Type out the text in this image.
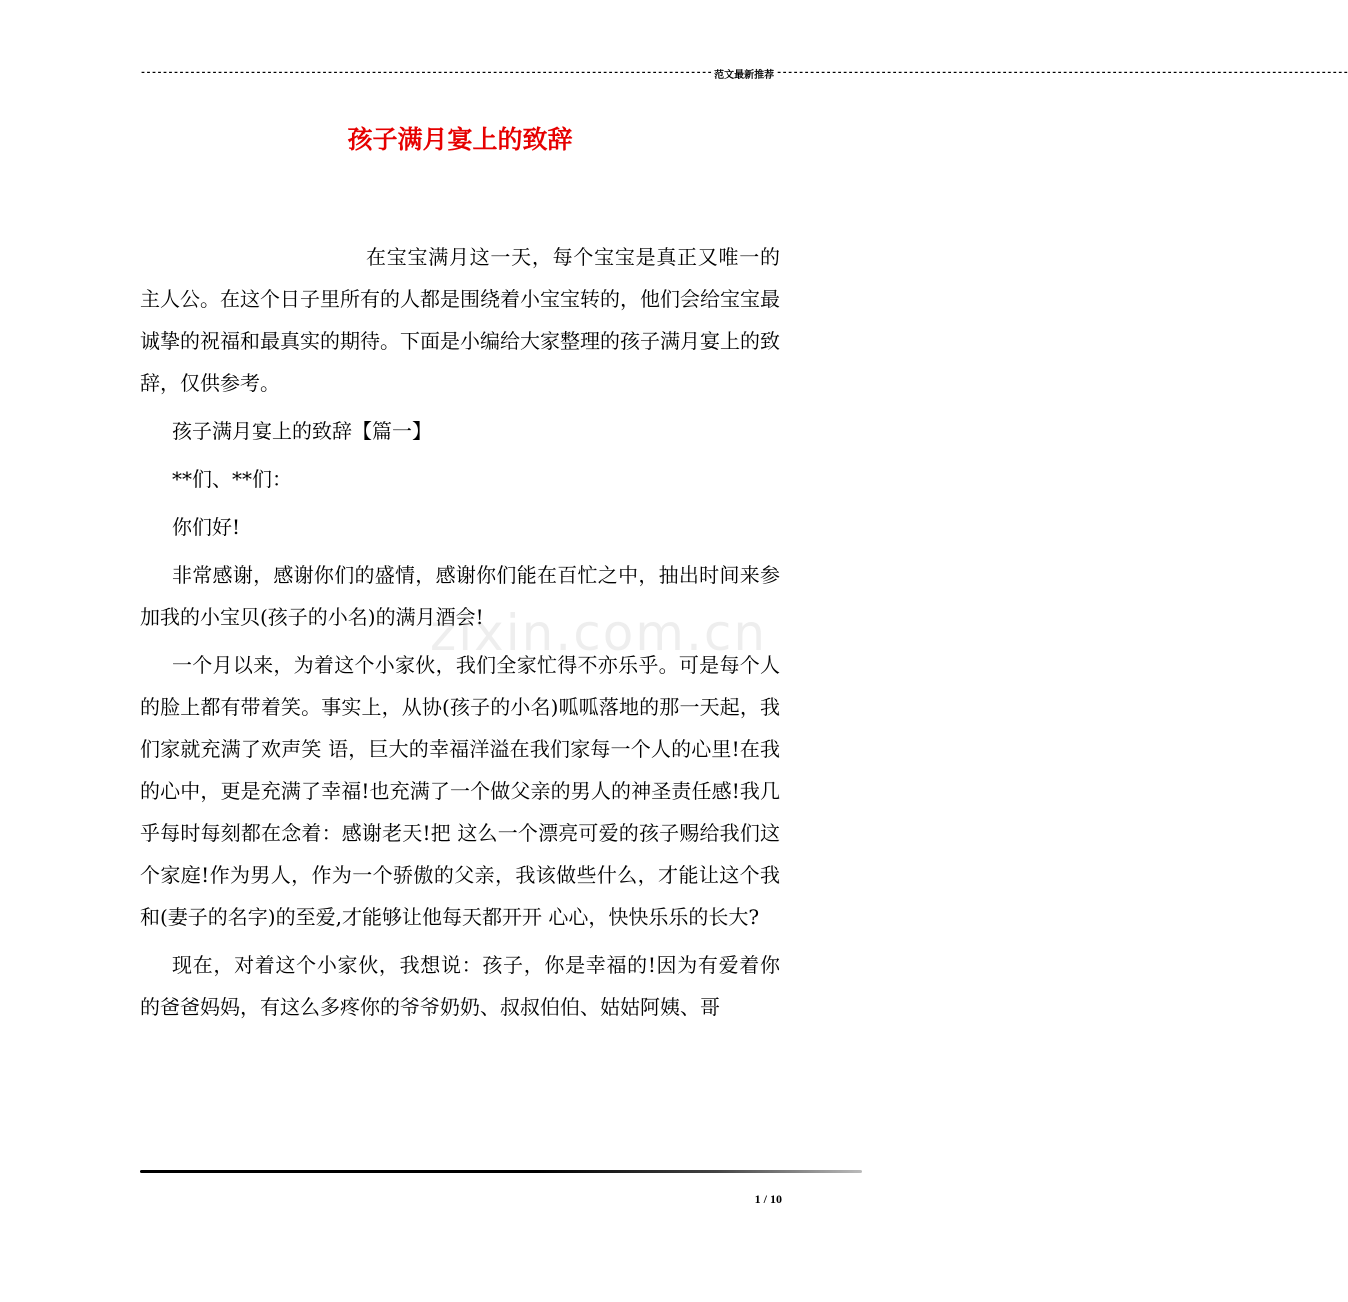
-------------------------------------------------------------------------------------------------------- 范文最新推荐 --------------------------------------------------------------------------------------------------------
孩子满月宴上的致辞

在宝宝满月这一天，每个宝宝是真正又唯一的主人公。在这个日子里所有的人都是围绕着小宝宝转的，他们会给宝宝最诚挚的祝福和最真实的期待。下面是小编给大家整理的孩子满月宴上的致辞，仅供参考。

孩子满月宴上的致辞【篇一】

**们、**们：

你们好!

非常感谢，感谢你们的盛情，感谢你们能在百忙之中，抽出时间来参加我的小宝贝(孩子的小名)的满月酒会!

一个月以来，为着这个小家伙，我们全家忙得不亦乐乎。可是每个人的脸上都有带着笑。事实上，从协(孩子的小名)呱呱落地的那一天起，我们家就充满了欢声笑 语，巨大的幸福洋溢在我们家每一个人的心里!在我的心中，更是充满了幸福!也充满了一个做父亲的男人的神圣责任感!我几乎每时每刻都在念着：感谢老天!把 这么一个漂亮可爱的孩子赐给我们这个家庭!作为男人，作为一个骄傲的父亲，我该做些什么，才能让这个我和(妻子的名字)的至爱,才能够让他每天都开开 心心，快快乐乐的长大?

现在，对着这个小家伙，我想说：孩子，你是幸福的!因为有爱着你的爸爸妈妈，有这么多疼你的爷爷奶奶、叔叔伯伯、姑姑阿姨、哥

zixin.com.cn
1 / 10
